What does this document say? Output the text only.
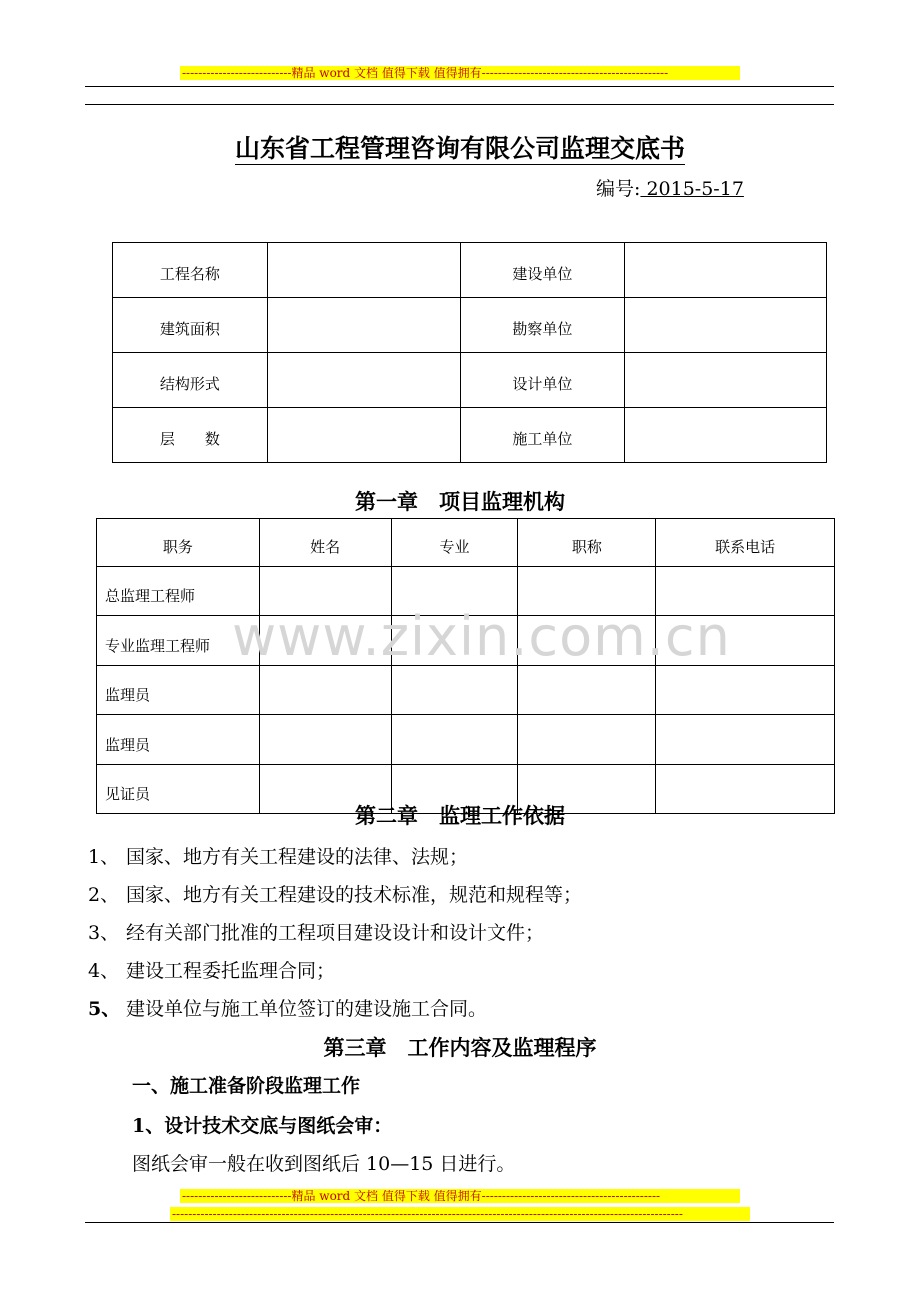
---------------------------精品 word 文档 值得下载 值得拥有----------------------------------------------
山东省工程管理咨询有限公司监理交底书
编号: 2015-5-17
工程名称		建设单位	
建筑面积		勘察单位	
结构形式		设计单位	
层　　数		施工单位	
第一章　项目监理机构
职务	姓名	专业	职称	联系电话
总监理工程师				
专业监理工程师				
监理员				
监理员				
见证员				
www.zixin.com.cn
第二章　监理工作依据
1、 国家、地方有关工程建设的法律、法规；
2、 国家、地方有关工程建设的技术标准，规范和规程等；
3、 经有关部门批准的工程项目建设设计和设计文件；
4、 建设工程委托监理合同；
5、 建设单位与施工单位签订的建设施工合同。
第三章　工作内容及监理程序
一、施工准备阶段监理工作
1、设计技术交底与图纸会审：
图纸会审一般在收到图纸后 10—15 日进行。
---------------------------精品 word 文档 值得下载 值得拥有--------------------------------------------
------------------------------------------------------------------------------------------------------------------------------
